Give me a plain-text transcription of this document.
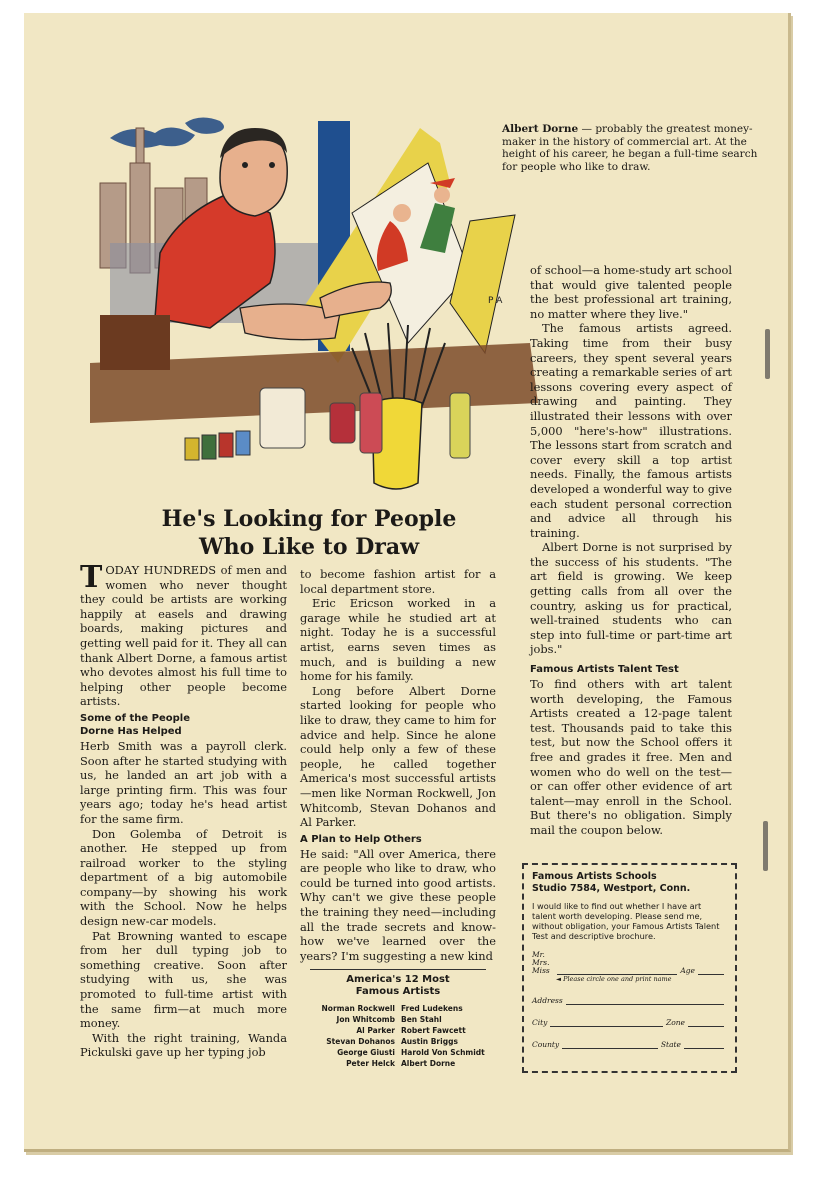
P A
Albert Dorne — probably the greatest money-maker in the history of commercial art. At the height of his career, he began a full-time search for people who like to draw.
He's Looking for People
Who Like to Draw

TODAY HUNDREDS of men and women who never thought they could be artists are working happily at easels and drawing boards, making pictures and getting well paid for it. They all can thank Albert Dorne, a famous artist who devotes almost his full time to helping other people become artists.

Some of the People
Dorne Has Helped

Herb Smith was a payroll clerk. Soon after he started studying with us, he landed an art job with a large printing firm. This was four years ago; today he's head artist for the same firm.

Don Golemba of Detroit is another. He stepped up from railroad worker to the styling department of a big automobile company—by showing his work with the School. Now he helps design new-car models.

Pat Browning wanted to escape from her dull typing job to something creative. Soon after studying with us, she was promoted to full-time artist with the same firm—at much more money.

With the right training, Wanda Pickulski gave up her typing job

to become fashion artist for a local department store.

Eric Ericson worked in a garage while he studied art at night. Today he is a successful artist, earns seven times as much, and is building a new home for his family.

Long before Albert Dorne started looking for people who like to draw, they came to him for advice and help. Since he alone could help only a few of these people, he called together America's most successful artists—men like Norman Rockwell, Jon Whitcomb, Stevan Dohanos and Al Parker.

A Plan to Help Others

He said: "All over America, there are people who like to draw, who could be turned into good artists. Why can't we give these people the training they need—including all the trade secrets and know-how we've learned over the years? I'm suggesting a new kind

America's 12 Most
Famous Artists
Norman Rockwell Fred Ludekens
Jon Whitcomb Ben Stahl
Al Parker Robert Fawcett
Stevan Dohanos Austin Briggs
George Giusti Harold Von Schmidt
Peter Helck Albert Dorne

of school—a home-study art school that would give talented people the best professional art training, no matter where they live."

The famous artists agreed. Taking time from their busy careers, they spent several years creating a remarkable series of art lessons covering every aspect of drawing and painting. They illustrated their lessons with over 5,000 "here's-how" illustrations. The lessons start from scratch and cover every skill a top artist needs. Finally, the famous artists developed a wonderful way to give each student personal correction and advice all through his training.

Albert Dorne is not surprised by the success of his students. "The art field is growing. We keep getting calls from all over the country, asking us for practical, well-trained students who can step into full-time or part-time art jobs."

Famous Artists Talent Test

To find others with art talent worth developing, the Famous Artists created a 12-page talent test. Thousands paid to take this test, but now the School offers it free and grades it free. Men and women who do well on the test—or can offer other evidence of art talent—may enroll in the School. But there's no obligation. Simply mail the coupon below.

Famous Artists Schools
Studio 7584, Westport, Conn.
I would like to find out whether I have art talent worth developing. Please send me, without obligation, your Famous Artists Talent Test and descriptive brochure.
Mr. Mrs. Miss	Age
◄ Please circle one and print name
Address
City	Zone
County	State
